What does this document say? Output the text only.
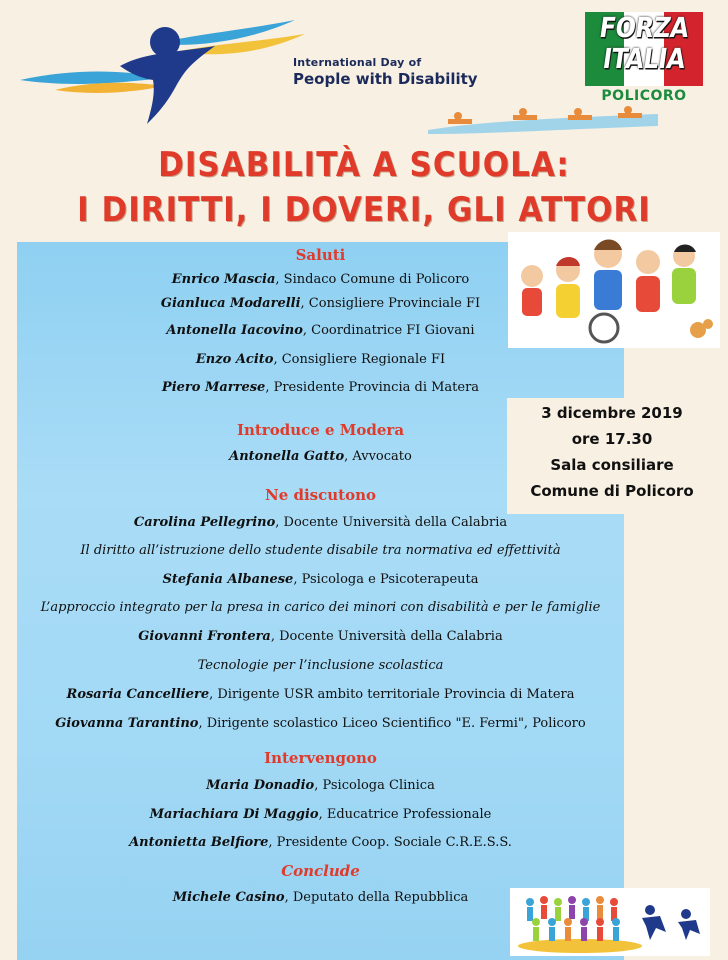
International Day of
People with Disability
FORZA
ITALIA
POLICORO
DISABILITÀ A SCUOLA:
I DIRITTI, I DOVERI, GLI ATTORI
Saluti
Enrico Mascia, Sindaco Comune di Policoro
Gianluca Modarelli, Consigliere Provinciale FI
Antonella Iacovino, Coordinatrice FI Giovani
Enzo Acito, Consigliere Regionale FI
Piero Marrese, Presidente Provincia di Matera
Introduce e Modera
Antonella Gatto, Avvocato
Ne discutono
Carolina Pellegrino, Docente Università della Calabria
Il diritto all’istruzione dello studente disabile tra normativa ed effettività
Stefania Albanese, Psicologa e Psicoterapeuta
L’approccio integrato per la presa in carico dei minori con disabilità e per le famiglie
Giovanni Frontera, Docente Università della Calabria
Tecnologie per l’inclusione scolastica
Rosaria Cancelliere, Dirigente USR ambito territoriale Provincia di Matera
Giovanna Tarantino, Dirigente scolastico Liceo Scientifico "E. Fermi", Policoro
Intervengono
Maria Donadio, Psicologa Clinica
Mariachiara Di Maggio, Educatrice Professionale
Antonietta Belfiore, Presidente Coop. Sociale C.R.E.S.S.
Conclude
Michele Casino, Deputato della Repubblica
3 dicembre 2019
ore 17.30
Sala consiliare
Comune di Policoro
